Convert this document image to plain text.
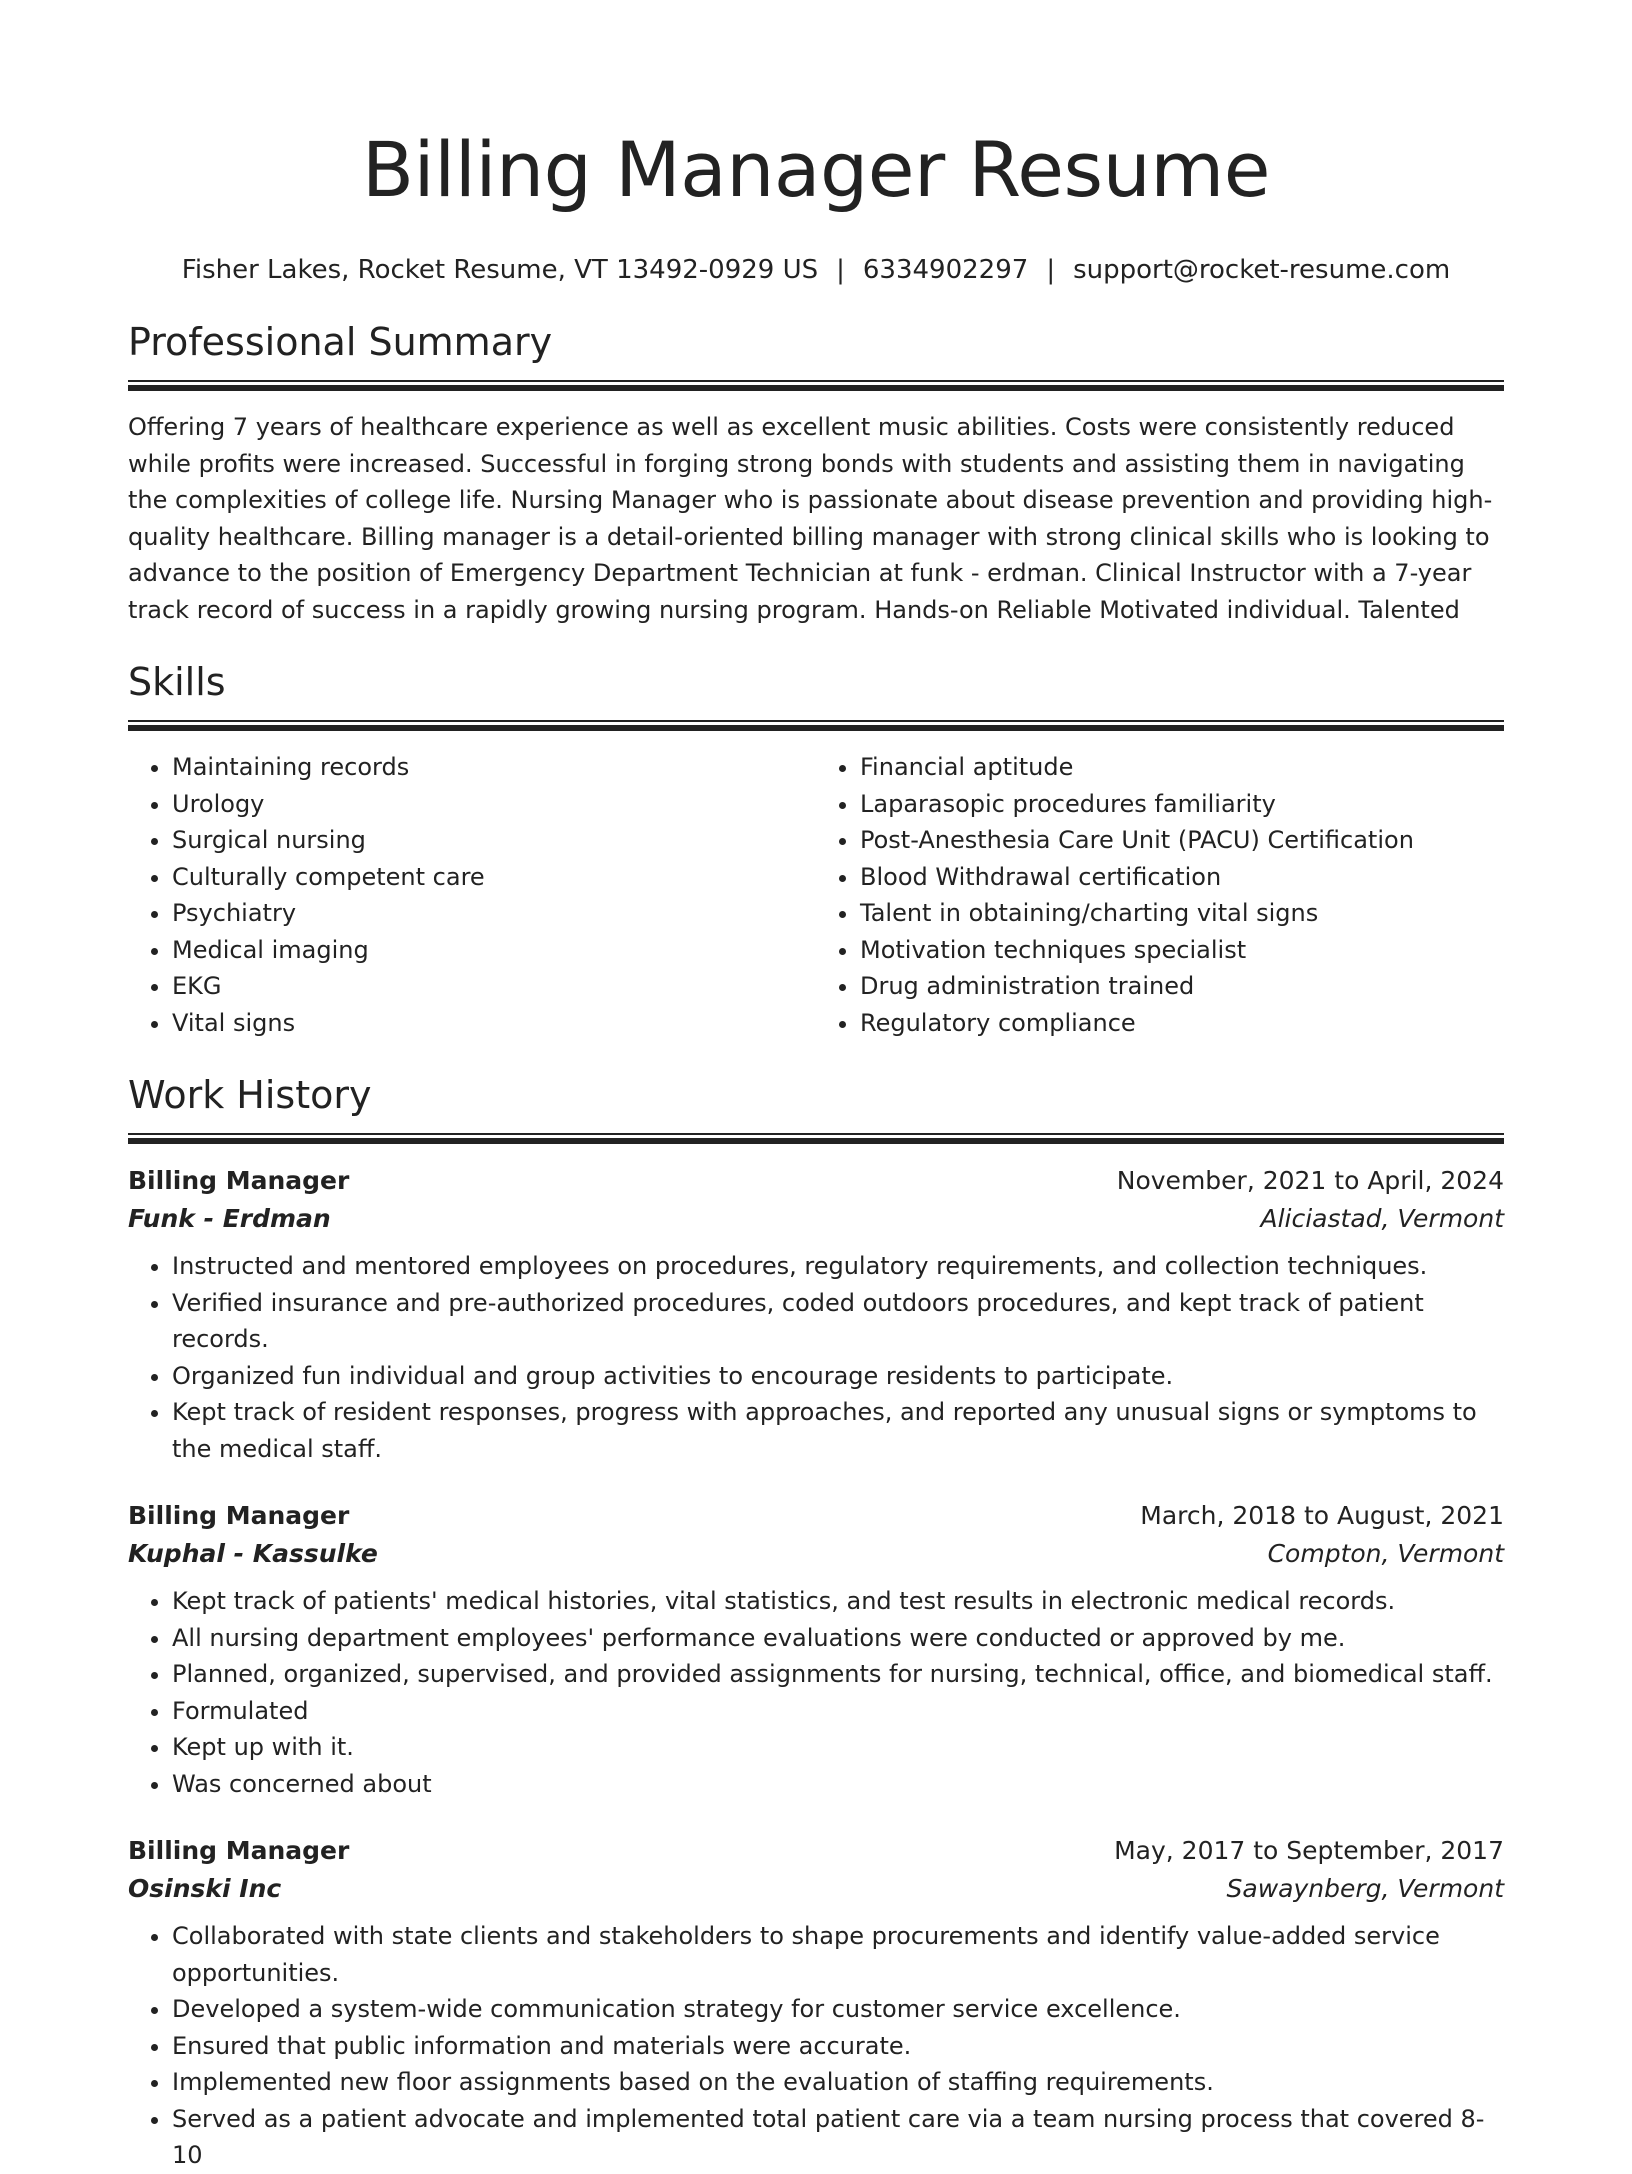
Billing Manager Resume
Fisher Lakes, Rocket Resume, VT 13492-0929 US | 6334902297 | support@rocket-resume.com
Professional Summary
Offering 7 years of healthcare experience as well as excellent music abilities. Costs were consistently reduced while profits were increased. Successful in forging strong bonds with students and assisting them in navigating the complexities of college life. Nursing Manager who is passionate about disease prevention and providing high-quality healthcare. Billing manager is a detail-oriented billing manager with strong clinical skills who is looking to advance to the position of Emergency Department Technician at funk - erdman. Clinical Instructor with a 7-year track record of success in a rapidly growing nursing program. Hands-on Reliable Motivated individual. Talented
Skills
• Maintaining records
• Urology
• Surgical nursing
• Culturally competent care
• Psychiatry
• Medical imaging
• EKG
• Vital signs
• Financial aptitude
• Laparasopic procedures familiarity
• Post-Anesthesia Care Unit (PACU) Certification
• Blood Withdrawal certification
• Talent in obtaining/charting vital signs
• Motivation techniques specialist
• Drug administration trained
• Regulatory compliance
Work History
Billing Manager	November, 2021 to April, 2024
Funk - Erdman	Aliciastad, Vermont
• Instructed and mentored employees on procedures, regulatory requirements, and collection techniques.
• Verified insurance and pre-authorized procedures, coded outdoors procedures, and kept track of patient records.
• Organized fun individual and group activities to encourage residents to participate.
• Kept track of resident responses, progress with approaches, and reported any unusual signs or symptoms to the medical staff.
Billing Manager	March, 2018 to August, 2021
Kuphal - Kassulke	Compton, Vermont
• Kept track of patients' medical histories, vital statistics, and test results in electronic medical records.
• All nursing department employees' performance evaluations were conducted or approved by me.
• Planned, organized, supervised, and provided assignments for nursing, technical, office, and biomedical staff.
• Formulated
• Kept up with it.
• Was concerned about
Billing Manager	May, 2017 to September, 2017
Osinski Inc	Sawaynberg, Vermont
• Collaborated with state clients and stakeholders to shape procurements and identify value-added service opportunities.
• Developed a system-wide communication strategy for customer service excellence.
• Ensured that public information and materials were accurate.
• Implemented new floor assignments based on the evaluation of staffing requirements.
• Served as a patient advocate and implemented total patient care via a team nursing process that covered 8-10
